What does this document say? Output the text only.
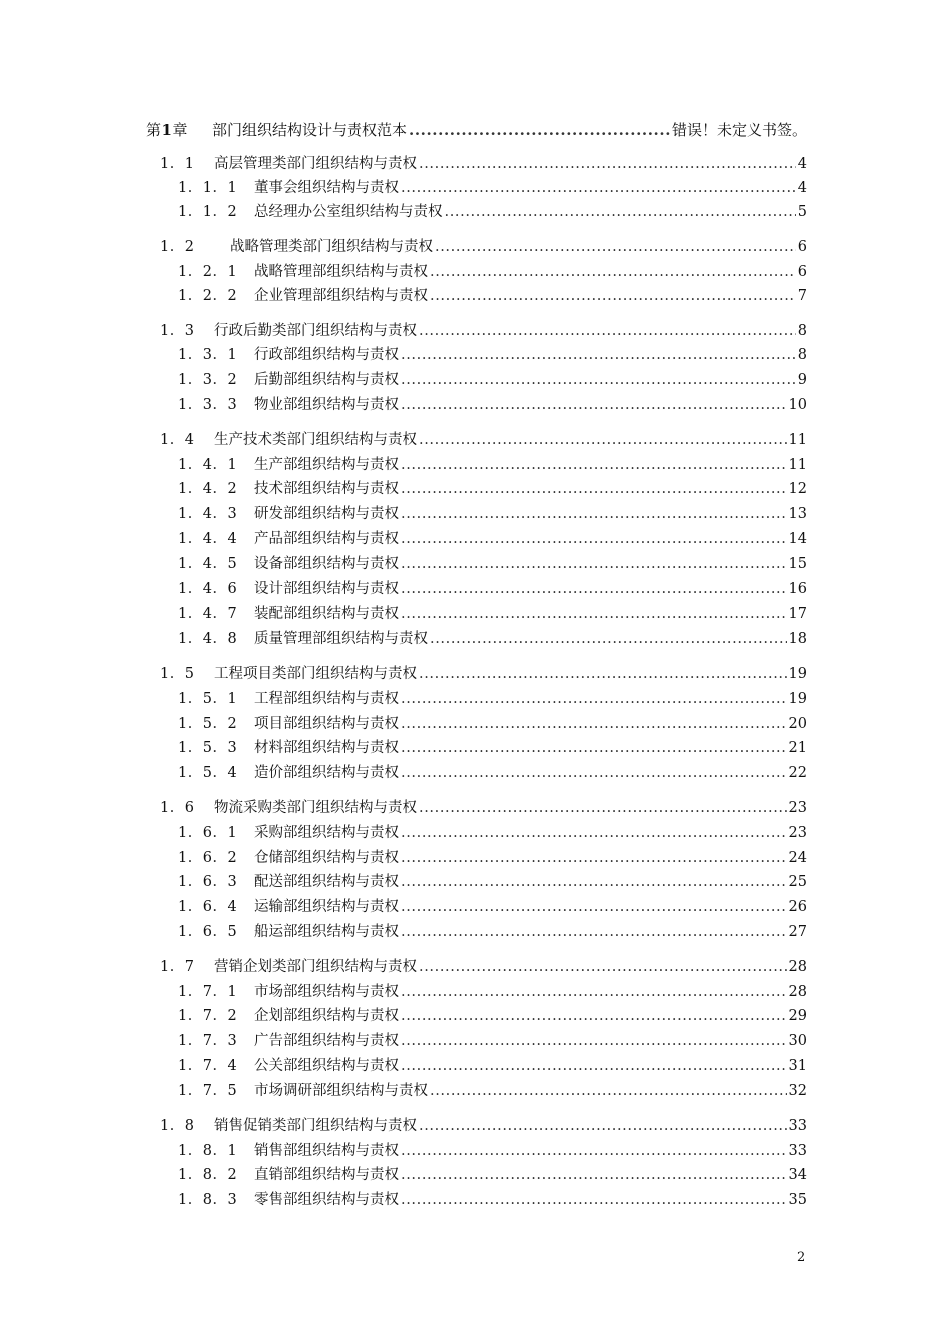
第1章	部门组织结构设计与责权范本 .....	错误！未定义书签。
1．1	高层管理类部门组织结构与责权 .....	4
1．1．1	董事会组织结构与责权 .....	4
1．1．2	总经理办公室组织结构与责权 .....	5
1．2	战略管理类部门组织结构与责权 .....	6
1．2．1	战略管理部组织结构与责权 .....	6
1．2．2	企业管理部组织结构与责权 .....	7
1．3	行政后勤类部门组织结构与责权 .....	8
1．3．1	行政部组织结构与责权 .....	8
1．3．2	后勤部组织结构与责权 .....	9
1．3．3	物业部组织结构与责权 .....	10
1．4	生产技术类部门组织结构与责权 .....	11
1．4．1	生产部组织结构与责权 .....	11
1．4．2	技术部组织结构与责权 .....	12
1．4．3	研发部组织结构与责权 .....	13
1．4．4	产品部组织结构与责权 .....	14
1．4．5	设备部组织结构与责权 .....	15
1．4．6	设计部组织结构与责权 .....	16
1．4．7	装配部组织结构与责权 .....	17
1．4．8	质量管理部组织结构与责权 .....	18
1．5	工程项目类部门组织结构与责权 .....	19
1．5．1	工程部组织结构与责权 .....	19
1．5．2	项目部组织结构与责权 .....	20
1．5．3	材料部组织结构与责权 .....	21
1．5．4	造价部组织结构与责权 .....	22
1．6	物流采购类部门组织结构与责权 .....	23
1．6．1	采购部组织结构与责权 .....	23
1．6．2	仓储部组织结构与责权 .....	24
1．6．3	配送部组织结构与责权 .....	25
1．6．4	运输部组织结构与责权 .....	26
1．6．5	船运部组织结构与责权 .....	27
1．7	营销企划类部门组织结构与责权 .....	28
1．7．1	市场部组织结构与责权 .....	28
1．7．2	企划部组织结构与责权 .....	29
1．7．3	广告部组织结构与责权 .....	30
1．7．4	公关部组织结构与责权 .....	31
1．7．5	市场调研部组织结构与责权 .....	32
1．8	销售促销类部门组织结构与责权 .....	33
1．8．1	销售部组织结构与责权 .....	33
1．8．2	直销部组织结构与责权 .....	34
1．8．3	零售部组织结构与责权 .....	35
2
